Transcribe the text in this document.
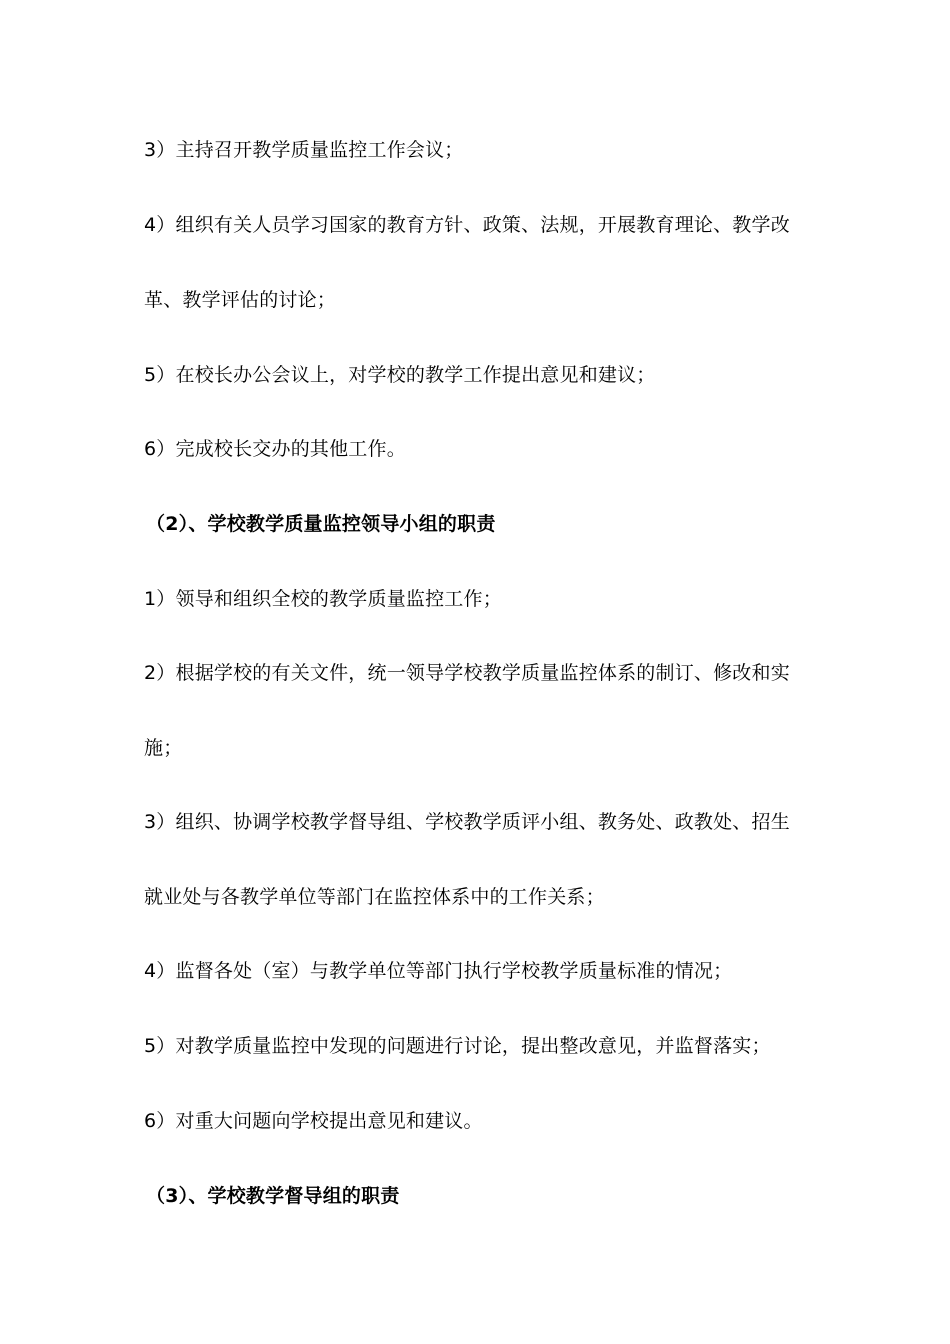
3）主持召开教学质量监控工作会议；
4）组织有关人员学习国家的教育方针、政策、法规，开展教育理论、教学改
革、教学评估的讨论；
5）在校长办公会议上，对学校的教学工作提出意见和建议；
6）完成校长交办的其他工作。
（2）、学校教学质量监控领导小组的职责
1）领导和组织全校的教学质量监控工作；
2）根据学校的有关文件，统一领导学校教学质量监控体系的制订、修改和实
施；
3）组织、协调学校教学督导组、学校教学质评小组、教务处、政教处、招生
就业处与各教学单位等部门在监控体系中的工作关系；
4）监督各处（室）与教学单位等部门执行学校教学质量标准的情况；
5）对教学质量监控中发现的问题进行讨论，提出整改意见，并监督落实；
6）对重大问题向学校提出意见和建议。
（3）、学校教学督导组的职责
